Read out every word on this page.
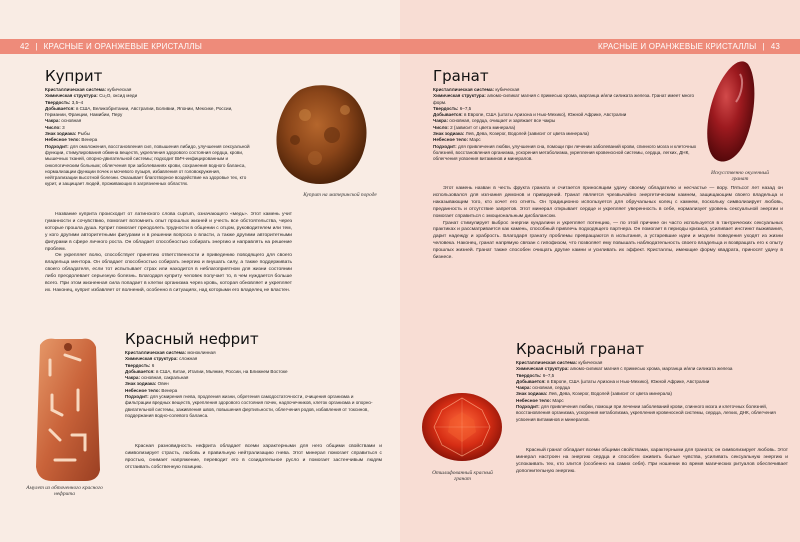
42 | КРАСНЫЕ И ОРАНЖЕВЫЕ КРИСТАЛЛЫ
Куприт
Кристаллическая система: кубическая
Химическая структура: Cu₂O, оксид меди
Твердость: 3,5–4
Добывается: в США, Великобритании, Австралии, Боливии, Японии, Мексике, России, Германии, Франции, Намибии, Перу
Чакра: основная
Число: 3
Знак зодиака: Рыбы
Небесное тело: Венера
Подходит: для омоложения, восстановления сил, повышения либидо, улучшения сексуальной функции, стимулирования обмена веществ, укрепления здорового состояния сердца, крови, мышечных тканей, опорно-двигательной системы; подходит ВИЧ-инфицированным и онкологическим больным; облегчения при заболеваниях крови, сохранения водного баланса, нормализации функции почек и мочевого пузыря, избавления от головокружения, нейтрализации высотной болезни. Оказывает благотворное воздействие на здоровье тех, кто курит, и защищает людей, проживающих в загрязненных областях.

Название куприта происходит от латинского слова cuprum, означающего «медь». Этот камень учит гуманности и сочувствию, помогает вспомнить опыт прошлых жизней и учесть все обстоятельства, через которые прошла душа. Куприт помогает преодолеть трудности в общении с отцом, руководителем или тем, у кого другими авторитетными фигурами и в решении вопроса о власти, а также другими авторитетными фигурами в сфере личного роста. Он обладает способностью собирать энергию и направлять на решение проблем.

Он укрепляет волю, способствует принятию ответственности и приведению поводящего для своего владельца ментора. Он обладает способностью собирать энергию и внушать силу, а также поддерживать своего обладателя, если тот испытывает страх или находится в неблагоприятном для жизни состоянии либо преодолевает серьезную болезнь. Благодаря куприту человек получает то, в чем нуждается больше всего. При этом жизненная сила попадает в клетки организма через кровь, которая обновляет и укрепляет их. Наконец, куприт избавляет от волнений, особенно в ситуациях, над которыми его владелец не властен.

Куприт на материнской породе
Красный нефрит
Кристаллическая система: моноклинная
Химическая структура: сложная
Твердость: 6
Добывается: в США, Китае, Италии, Мьянме, России, на Ближнем Востоке
Чакра: основная, сакральная
Знак зодиака: Овен
Небесное тело: Венера
Подходит: для усмирения гнева, продления жизни, обретения самодостаточности, очищения организма и фильтрации вредных веществ, укрепления здорового состояния почек, надпочечников, клеток организма и опорно-двигательной системы, заживления швов, повышения фертильности, облегчения родов, избавления от токсинов, поддержания водно-солевого баланса.

Красная разновидность нефрита обладает всеми характерными для него общими свойствами и символизирует страсть, любовь и правильную нейтрализацию гнева. Этот минерал помогает справиться с яростью, снимает напряжение, переводит его в созидательное русло и помогает застенчивым людям отстаивать собственную позицию.

Амулет из обточенного красного нефрита
КРАСНЫЕ И ОРАНЖЕВЫЕ КРИСТАЛЛЫ | 43
Гранат
Кристаллическая система: кубическая
Химическая структура: алюмо-силикат магния с примесью хрома, марганца и/или силиката железа. Гранат имеет много форм.
Твердость: 6–7,5
Добывается: в Европе, США (штаты Аризона и Нью-Мехико), Южной Африке, Австралии
Чакра: основная, сердца, очищает и заряжает все чакры
Число: 2 (зависит от цвета минерала)
Знак зодиака: Лев, Дева, Козерог, Водолей (зависит от цвета минерала)
Небесное тело: Марс
Подходит: для привлечения любви, улучшения сна, помощи при лечении заболеваний крови, спинного мозга и клеточных болезней, восстановления организма, ускорения метаболизма, укрепления кровеносной системы, сердца, легких, ДНК, облегчения усвоения витаминов и минералов.

Этот камень назван в честь фрукта граната и считается приносящим удачу своему обладателю и несчастье — вору. Пятьсот лет назад он использовался для изгнания демонов и привидений. Гранат является чрезвычайно энергетическим камнем, защищающим своего владельца и наказывающим того, кто хочет его отнять. Он традиционно используется для обручальных колец с камнем, поскольку символизирует любовь, преданность и отсутствие запретов. Этот минерал открывает сердце и укрепляет уверенность в себе, нормализует уровень сексуальной энергии и помогает справиться с эмоциональным дисбалансом.

Гранат стимулирует выброс энергии кундалини и укрепляет потенцию, — по этой причине он часто используется в тантрических сексуальных практиках и рассматривается как камень, способный привлечь подходящего партнера. Он помогает в периоды кризиса, усиливает инстинкт выживания, дарит надежду и храбрость. Благодаря гранату проблемы превращаются в испытания, а устаревшие идеи и модели поведения уходят из жизни человека. Наконец, гранат напрямую связан с гипофизом, что позволяет ему повышать наблюдательность своего владельца и возвращать его к опыту прошлых жизней. Гранат также способен очищать другие камни и усиливать их эффект. Кристаллы, имеющие форму квадрата, приносят удачу в бизнесе.

Искусственно окуленный гранат
Красный гранат
Кристаллическая система: кубическая
Химическая структура: алюмо-силикат магния с примесью хрома, марганца и/или силиката железа
Твердость: 6–7,5
Добывается: в Европе, США (штаты Аризона и Нью-Мехико), Южной Африке, Австралии
Чакра: основная, сердца
Знак зодиака: Лев, Дева, Козерог, Водолей (зависит от цвета минерала)
Небесное тело: Марс
Подходит: для привлечения любви, помощи при лечении заболеваний крови, спинного мозга и клеточных болезней, восстановления организма, ускорения метаболизма, укрепления кровеносной системы, сердца, легких, ДНК, облегчения усвоения витаминов и минералов.

Красный гранат обладает всеми общими свойствами, характерными для граната; он символизирует любовь. Этот минерал настроен на энергию сердца и способен оживить былые чувства, усиливать сексуальную энергию и успокаивать тех, кто злится (особенно на самих себя). При ношении во время магических ритуалов обеспечивает дополнительную энергию.

Отшлифованный красный гранат
